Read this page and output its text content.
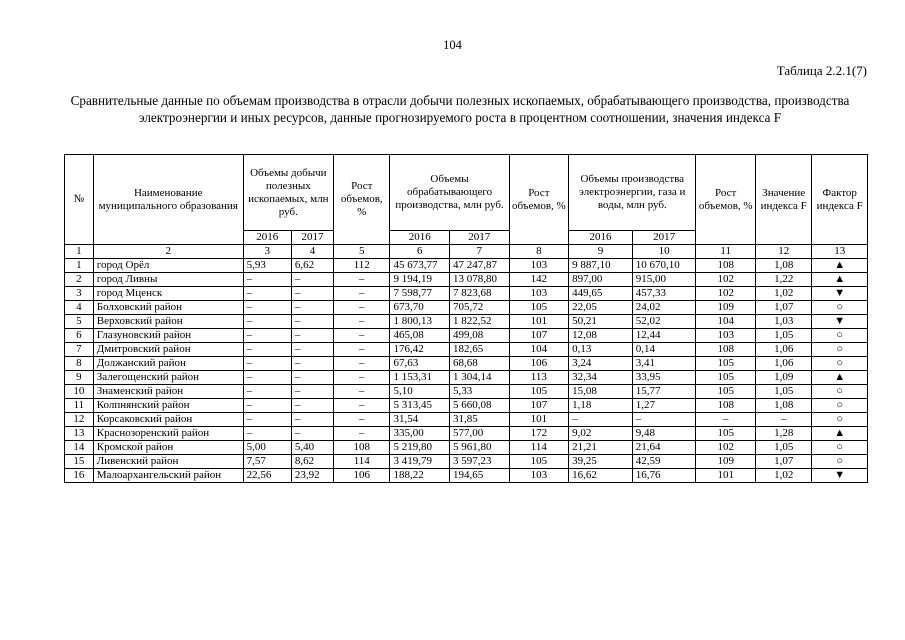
104
Таблица 2.2.1(7)
Сравнительные данные по объемам производства в отрасли добычи полезных ископаемых, обрабатывающего производства, производства электроэнергии и иных ресурсов, данные прогнозируемого роста в процентном соотношении, значения индекса F
№	Наименование муниципального образования	Объемы добычи полезных ископаемых, млн руб.		Рост объемов, %	Объемы обрабатывающего производства, млн руб.		Рост объемов, %	Объемы производства электроэнергии, газа и воды, млн руб.		Рост объемов, %	Значение индекса F	Фактор индекса F
		2016	2017		2016	2017		2016	2017			
1	2	3	4	5	6	7	8	9	10	11	12	13
1	город Орёл	5,93	6,62	112	45 673,77	47 247,87	103	9 887,10	10 670,10	108	1,08	▲
2	город Ливны	–	–	–	9 194,19	13 078,80	142	897,00	915,00	102	1,22	▲
3	город Мценск	–	–	–	7 598,77	7 823,68	103	449,65	457,33	102	1,02	▼
4	Болховский район	–	–	–	673,70	705,72	105	22,05	24,02	109	1,07	○
5	Верховский район	–	–	–	1 800,13	1 822,52	101	50,21	52,02	104	1,03	▼
6	Глазуновский район	–	–	–	465,08	499,08	107	12,08	12,44	103	1,05	○
7	Дмитровский район	–	–	–	176,42	182,65	104	0,13	0,14	108	1,06	○
8	Должанский район	–	–	–	67,63	68,68	106	3,24	3,41	105	1,06	○
9	Залегощенский район	–	–	–	1 153,31	1 304,14	113	32,34	33,95	105	1,09	▲
10	Знаменский район	–	–	–	5,10	5,33	105	15,08	15,77	105	1,05	○
11	Колпнянский район	–	–	–	5 313,45	5 660,08	107	1,18	1,27	108	1,08	○
12	Корсаковский район	–	–	–	31,54	31,85	101	–	–	–	–	○
13	Краснозоренский район	–	–	–	335,00	577,00	172	9,02	9,48	105	1,28	▲
14	Кромской район	5,00	5,40	108	5 219,80	5 961,80	114	21,21	21,64	102	1,05	○
15	Ливенский район	7,57	8,62	114	3 419,79	3 597,23	105	39,25	42,59	109	1,07	○
16	Малоархангельский район	22,56	23,92	106	188,22	194,65	103	16,62	16,76	101	1,02	▼
